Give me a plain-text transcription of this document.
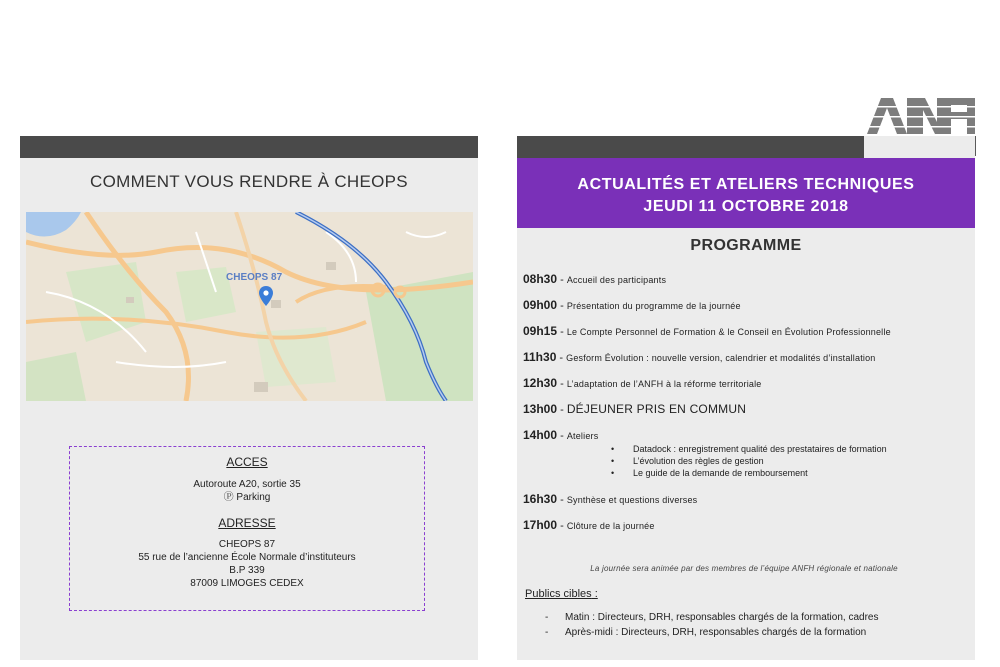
COMMENT VOUS RENDRE À CHEOPS
CHEOPS 87
ACCES
Autoroute A20, sortie 35
Ⓟ Parking
ADRESSE
CHEOPS 87
55 rue de l’ancienne École Normale d’instituteurs
B.P 339
87009 LIMOGES CEDEX
ANFH
ACTUALITÉS ET ATELIERS TECHNIQUES
JEUDI 11 OCTOBRE 2018
PROGRAMME
08h30 - Accueil des participants
09h00 - Présentation du programme de la journée
09h15 - Le Compte Personnel de Formation & le Conseil en Évolution Professionnelle
11h30 - Gesform Évolution : nouvelle version, calendrier et modalités d’installation
12h30 - L’adaptation de l’ANFH à la réforme territoriale
13h00 - DÉJEUNER PRIS EN COMMUN
14h00 - Ateliers
• Datadock : enregistrement qualité des prestataires de formation
• L’évolution des règles de gestion
• Le guide de la demande de remboursement
16h30 - Synthèse et questions diverses
17h00 - Clôture de la journée
La journée sera animée par des membres de l’équipe ANFH régionale et nationale
Publics cibles :
- Matin : Directeurs, DRH, responsables chargés de la formation, cadres
- Après-midi : Directeurs, DRH, responsables chargés de la formation
